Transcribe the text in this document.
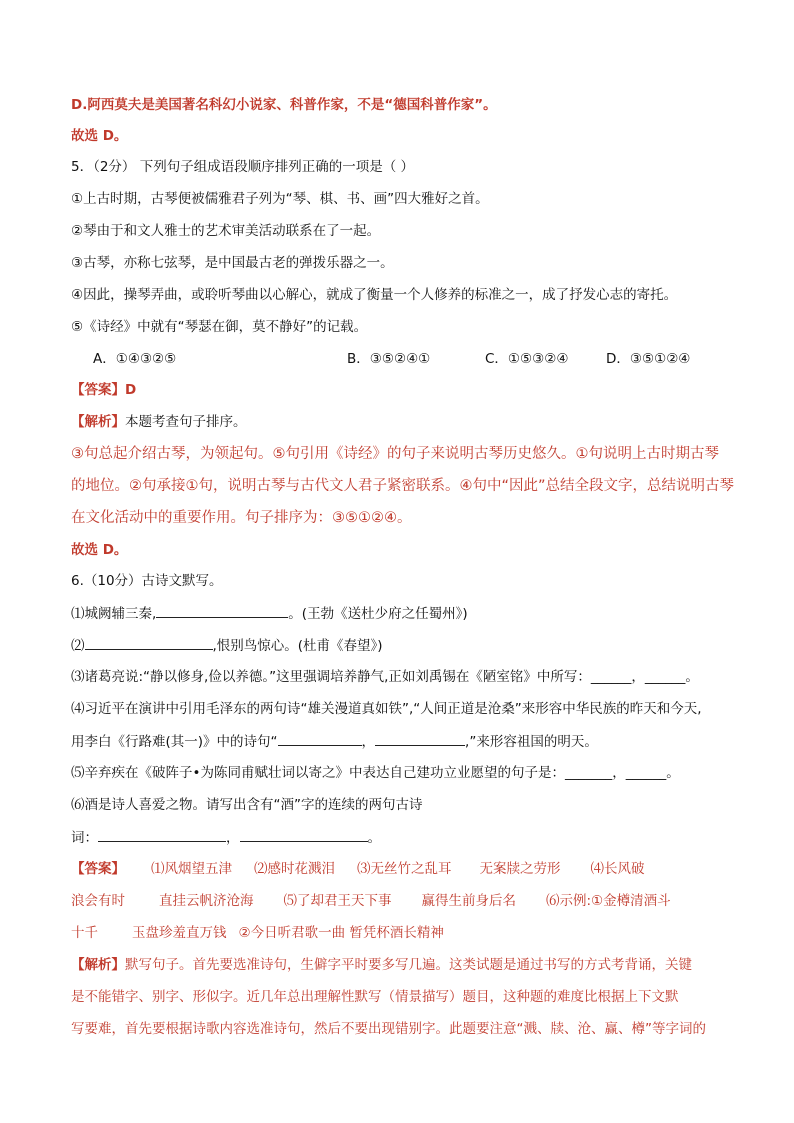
D.阿西莫夫是美国著名科幻小说家、科普作家，不是“德国科普作家”。
故选 D。
5．（2分） 下列句子组成语段顺序排列正确的一项是（ ）
①上古时期，古琴便被儒雅君子列为“琴、棋、书、画”四大雅好之首。
②琴由于和文人雅士的艺术审美活动联系在了一起。
③古琴，亦称七弦琴，是中国最古老的弹拨乐器之一。
④因此，操琴弄曲，或聆听琴曲以心解心，就成了衡量一个人修养的标准之一，成了抒发心志的寄托。
⑤《诗经》中就有“琴瑟在御，莫不静好”的记载。
A．①④③②⑤	B．③⑤②④①	C．①⑤③②④	D．③⑤①②④
【答案】D
【解析】本题考查句子排序。
③句总起介绍古琴，为领起句。⑤句引用《诗经》的句子来说明古琴历史悠久。①句说明上古时期古琴
的地位。②句承接①句，说明古琴与古代文人君子紧密联系。④句中“因此”总结全段文字，总结说明古琴
在文化活动中的重要作用。句子排序为：③⑤①②④。
故选 D。
6.（10分）古诗文默写。
⑴城阙辅三秦,	。(王勃《送杜少府之任蜀州》)
⑵	,恨别鸟惊心。(杜甫《春望》)
⑶诸葛亮说:“静以修身,俭以养德。”这里强调培养静气,正如刘禹锡在《陋室铭》中所写：______，______。
⑷习近平在演讲中引用毛泽东的两句诗“雄关漫道真如铁”,“人间正道是沧桑”来形容中华民族的昨天和今天,
用李白《行路难(其一)》中的诗句“	，	,”来形容祖国的明天。
⑸辛弃疾在《破阵子•为陈同甫赋壮词以寄之》中表达自己建功立业愿望的句子是：_______，______。
⑹酒是诗人喜爱之物。请写出含有“酒”字的连续的两句古诗
词：	，	。
【答案】 ⑴风烟望五津 ⑵感时花溅泪 ⑶无丝竹之乱耳 无案牍之劳形 ⑷长风破
浪会有时	直挂云帆济沧海 ⑸了却君王天下事 赢得生前身后名 ⑹示例:①金樽清酒斗
十千	玉盘珍羞直万钱 ②今日听君歌一曲 暂凭杯酒长精神
【解析】默写句子。首先要选准诗句，生僻字平时要多写几遍。这类试题是通过书写的方式考背诵，关键
是不能错字、别字、形似字。近几年总出理解性默写（情景描写）题目，这种题的难度比根据上下文默
写要难，首先要根据诗歌内容选准诗句，然后不要出现错别字。此题要注意“溅、牍、沧、赢、樽”等字词的
